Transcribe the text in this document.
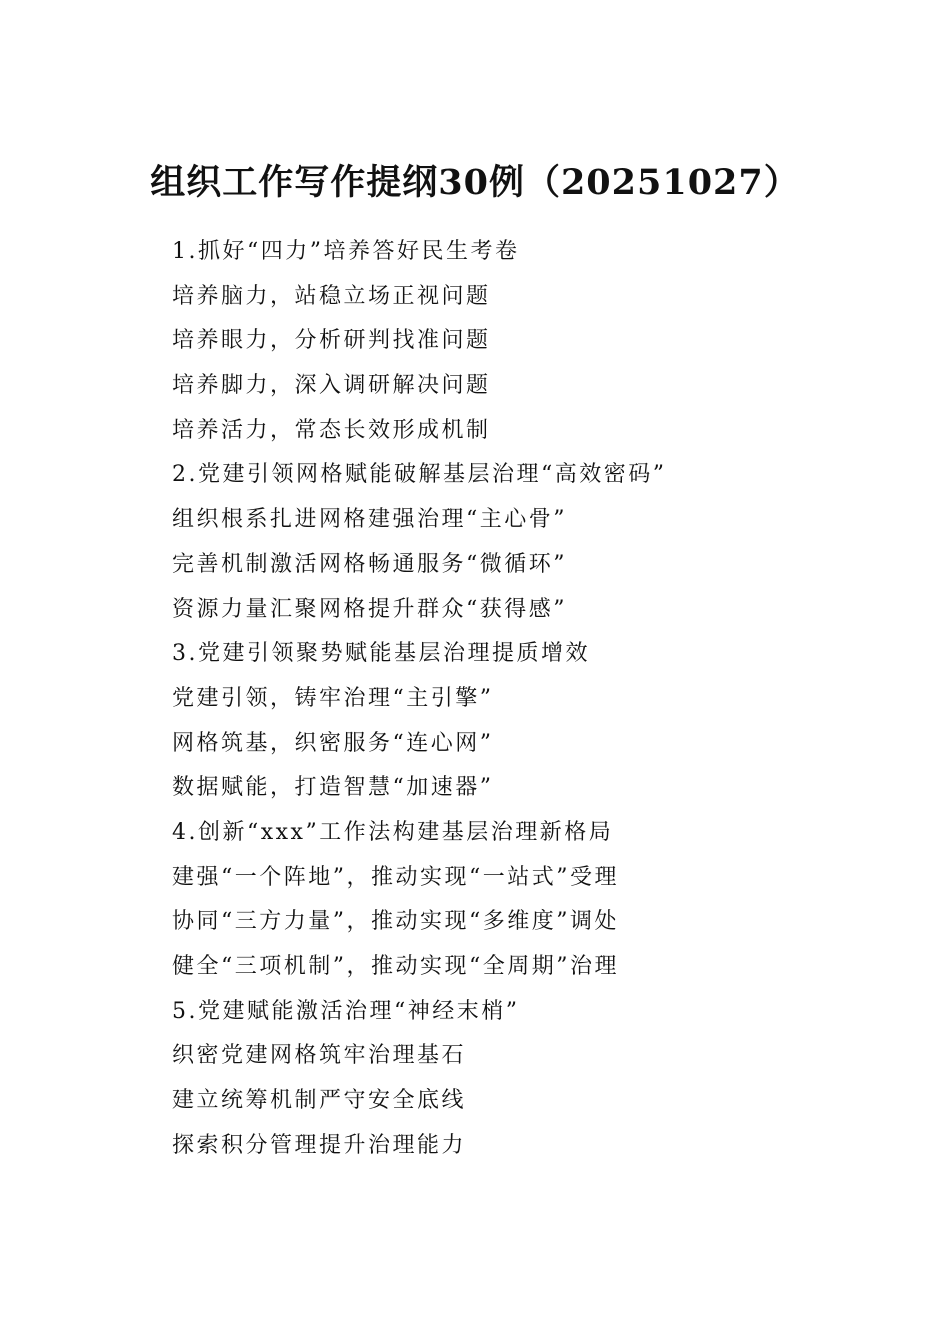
组织工作写作提纲30例（20251027）
1.抓好“四力”培养答好民生考卷
培养脑力，站稳立场正视问题
培养眼力，分析研判找准问题
培养脚力，深入调研解决问题
培养活力，常态长效形成机制
2.党建引领网格赋能破解基层治理“高效密码”
组织根系扎进网格建强治理“主心骨”
完善机制激活网格畅通服务“微循环”
资源力量汇聚网格提升群众“获得感”
3.党建引领聚势赋能基层治理提质增效
党建引领，铸牢治理“主引擎”
网格筑基，织密服务“连心网”
数据赋能，打造智慧“加速器”
4.创新“xxx”工作法构建基层治理新格局
建强“一个阵地”，推动实现“一站式”受理
协同“三方力量”，推动实现“多维度”调处
健全“三项机制”，推动实现“全周期”治理
5.党建赋能激活治理“神经末梢”
织密党建网格筑牢治理基石
建立统筹机制严守安全底线
探索积分管理提升治理能力
